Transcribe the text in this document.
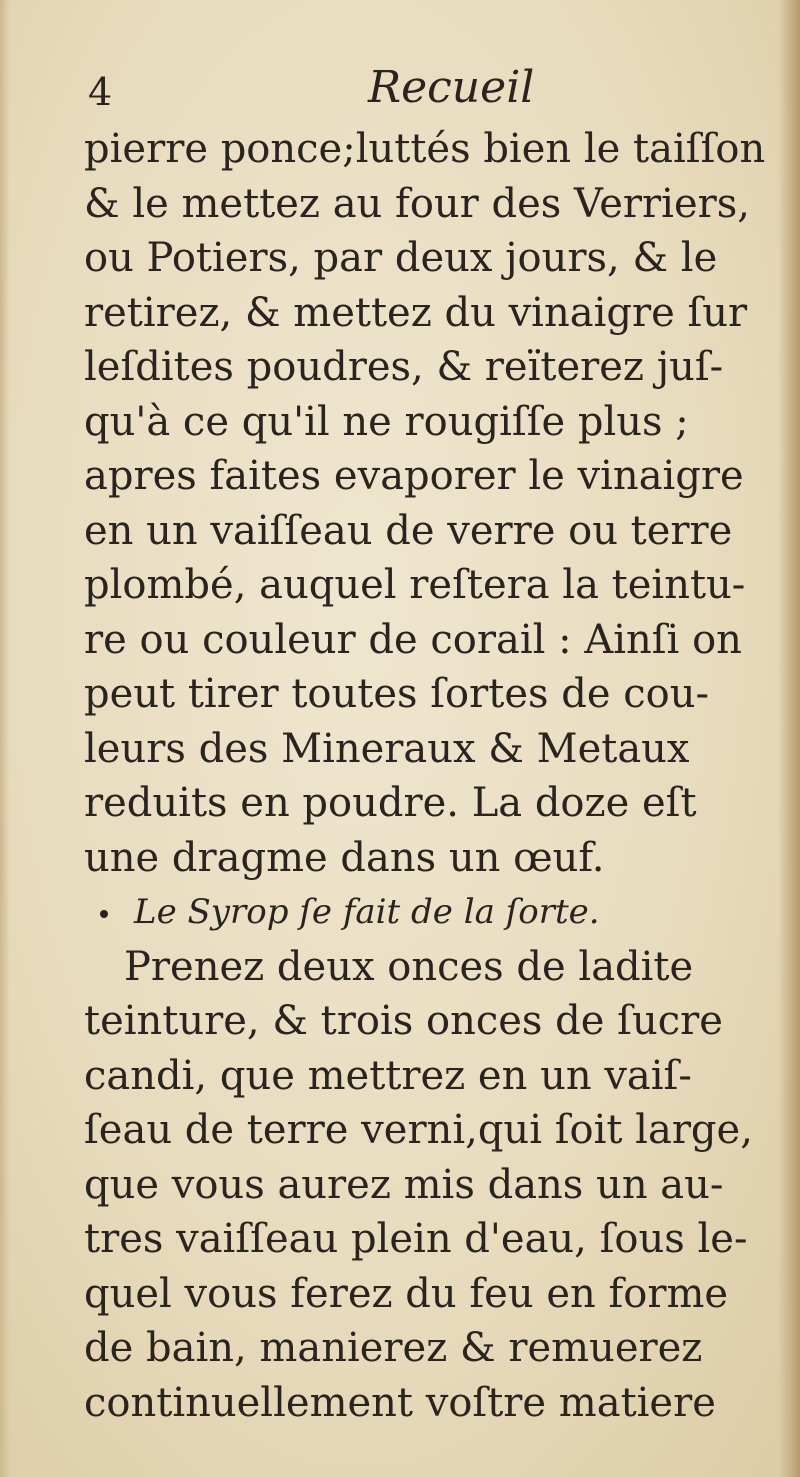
4	Recueil
pierre ponce;luttés bien le taiſſon
& le mettez au four des Verriers,
ou Potiers, par deux jours, & le
retirez, & mettez du vinaigre ſur
leſdites poudres, & reïterez juſ-
qu'à ce qu'il ne rougiſſe plus ;
apres faites evaporer le vinaigre
en un vaiſſeau de verre ou terre
plombé, auquel reſtera la teintu-
re ou couleur de corail : Ainſi on
peut tirer toutes ſortes de cou-
leurs des Mineraux & Metaux
reduits en poudre. La doze eſt
une dragme dans un œuf.
Le Syrop ſe fait de la ſorte.
Prenez deux onces de ladite
teinture, & trois onces de ſucre
candi, que mettrez en un vaiſ-
ſeau de terre verni,qui ſoit large,
que vous aurez mis dans un au-
tres vaiſſeau plein d'eau, ſous le-
quel vous ferez du feu en forme
de bain, manierez & remuerez
continuellement voſtre matiere
